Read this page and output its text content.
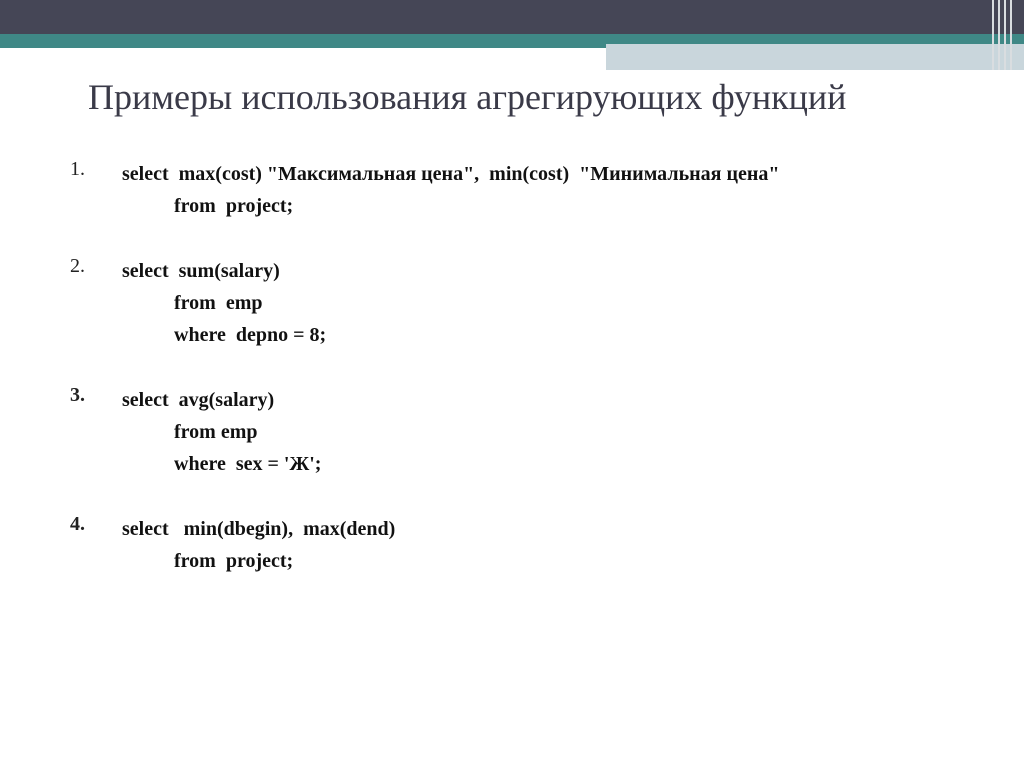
Примеры использования агрегирующих функций
1. select  max(cost) "Максимальная цена",  min(cost)  "Минимальная цена"
from  project;
2. select  sum(salary)
from  emp
where  depno = 8;
3. select  avg(salary)
from emp
where  sex = 'Ж';
4. select   min(dbegin),  max(dend)
from  project;
